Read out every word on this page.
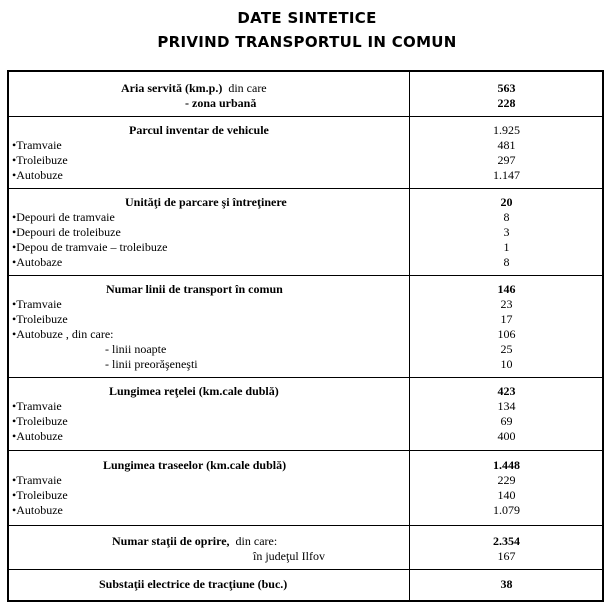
DATE SINTETICE
PRIVIND TRANSPORTUL IN COMUN
Aria servită (km.p.) din care	563
- zona urbană	228
Parcul inventar de vehicule	1.925
•Tramvaie	481
•Troleibuze	297
•Autobuze	1.147
Unităţi de parcare şi întreţinere	20
•Depouri de tramvaie	8
•Depouri de troleibuze	3
•Depou de tramvaie – troleibuze	1
•Autobaze	8
Numar linii de transport în comun	146
•Tramvaie	23
•Troleibuze	17
•Autobuze , din care:	106
- linii noapte	25
- linii preorăşeneşti	10
Lungimea reţelei (km.cale dublă)	423
•Tramvaie	134
•Troleibuze	69
•Autobuze	400
Lungimea traseelor (km.cale dublă)	1.448
•Tramvaie	229
•Troleibuze	140
•Autobuze	1.079
Numar staţii de oprire, din care:	2.354
în judeţul Ilfov	167
Substaţii electrice de tracţiune (buc.)	38
